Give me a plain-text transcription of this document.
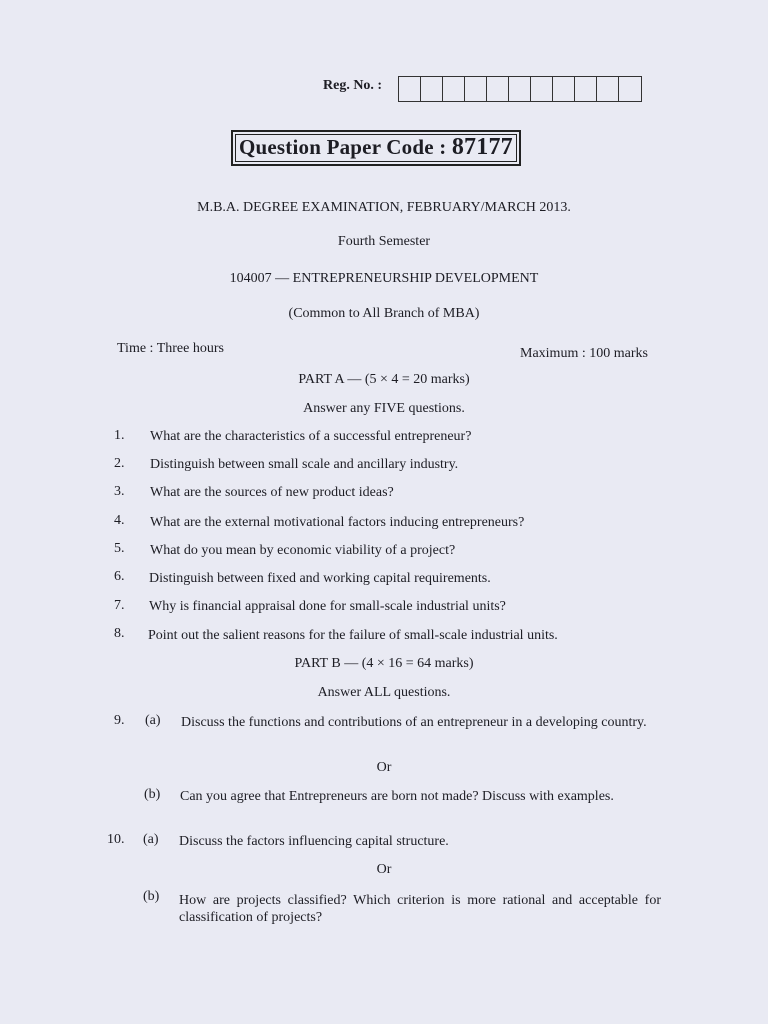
Reg. No. :
Question Paper Code : 87177
M.B.A. DEGREE EXAMINATION, FEBRUARY/MARCH 2013.
Fourth Semester
104007 — ENTREPRENEURSHIP DEVELOPMENT
(Common to All Branch of MBA)
Time : Three hours	Maximum : 100 marks
PART A — (5 × 4 = 20 marks)
Answer any FIVE questions.
1. What are the characteristics of a successful entrepreneur?
2. Distinguish between small scale and ancillary industry.
3. What are the sources of new product ideas?
4. What are the external motivational factors inducing entrepreneurs?
5. What do you mean by economic viability of a project?
6. Distinguish between fixed and working capital requirements.
7. Why is financial appraisal done for small-scale industrial units?
8. Point out the salient reasons for the failure of small-scale industrial units.
PART B — (4 × 16 = 64 marks)
Answer ALL questions.
9. (a) Discuss the functions and contributions of an entrepreneur in a developing country.
Or
(b) Can you agree that Entrepreneurs are born not made? Discuss with examples.
10. (a) Discuss the factors influencing capital structure.
Or
(b) How are projects classified? Which criterion is more rational and acceptable for classification of projects?
